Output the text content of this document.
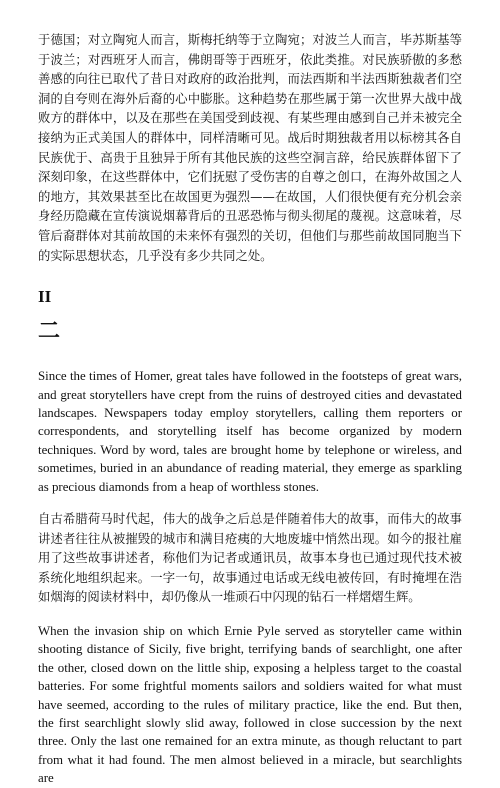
于德国；对立陶宛人而言，斯梅托纳等于立陶宛；对波兰人而言，毕苏斯基等于波兰；对西班牙人而言，佛朗哥等于西班牙，依此类推。对民族骄傲的多愁善感的向往已取代了昔日对政府的政治批判，而法西斯和半法西斯独裁者们空洞的自夸则在海外后裔的心中膨胀。这种趋势在那些属于第一次世界大战中战败方的群体中，以及在那些在美国受到歧视、有某些理由感到自己并未被完全接纳为正式美国人的群体中，同样清晰可见。战后时期独裁者用以标榜其各自民族优于、高贵于且独异于所有其他民族的这些空洞言辞，给民族群体留下了深刻印象，在这些群体中，它们抚慰了受伤害的自尊之创口，在海外故国之人的地方，其效果甚至比在故国更为强烈——在故国，人们很快便有充分机会亲身经历隐藏在宣传演说烟幕背后的丑恶恐怖与彻头彻尾的蔑视。这意味着，尽管后裔群体对其前故国的未来怀有强烈的关切，但他们与那些前故国同胞当下的实际思想状态，几乎没有多少共同之处。

II
二

Since the times of Homer, great tales have followed in the footsteps of great wars, and great storytellers have crept from the ruins of destroyed cities and devastated landscapes. Newspapers today employ storytellers, calling them reporters or correspondents, and storytelling itself has become organized by modern techniques. Word by word, tales are brought home by telephone or wireless, and sometimes, buried in an abundance of reading material, they emerge as sparkling as precious diamonds from a heap of worthless stones.

自古希腊荷马时代起，伟大的战争之后总是伴随着伟大的故事，而伟大的故事讲述者往往从被摧毁的城市和满目疮痍的大地废墟中悄然出现。如今的报社雇用了这些故事讲述者，称他们为记者或通讯员，故事本身也已通过现代技术被系统化地组织起来。一字一句，故事通过电话或无线电被传回，有时掩埋在浩如烟海的阅读材料中，却仍像从一堆顽石中闪现的钻石一样熠熠生辉。

When the invasion ship on which Ernie Pyle served as storyteller came within shooting distance of Sicily, five bright, terrifying bands of searchlight, one after the other, closed down on the little ship, exposing a helpless target to the coastal batteries. For some frightful moments sailors and soldiers waited for what must have seemed, according to the rules of military practice, like the end. But then, the first searchlight slowly slid away, followed in close succession by the next three. Only the last one remained for an extra minute, as though reluctant to part from what it had found. The men almost believed in a miracle, but searchlights are
